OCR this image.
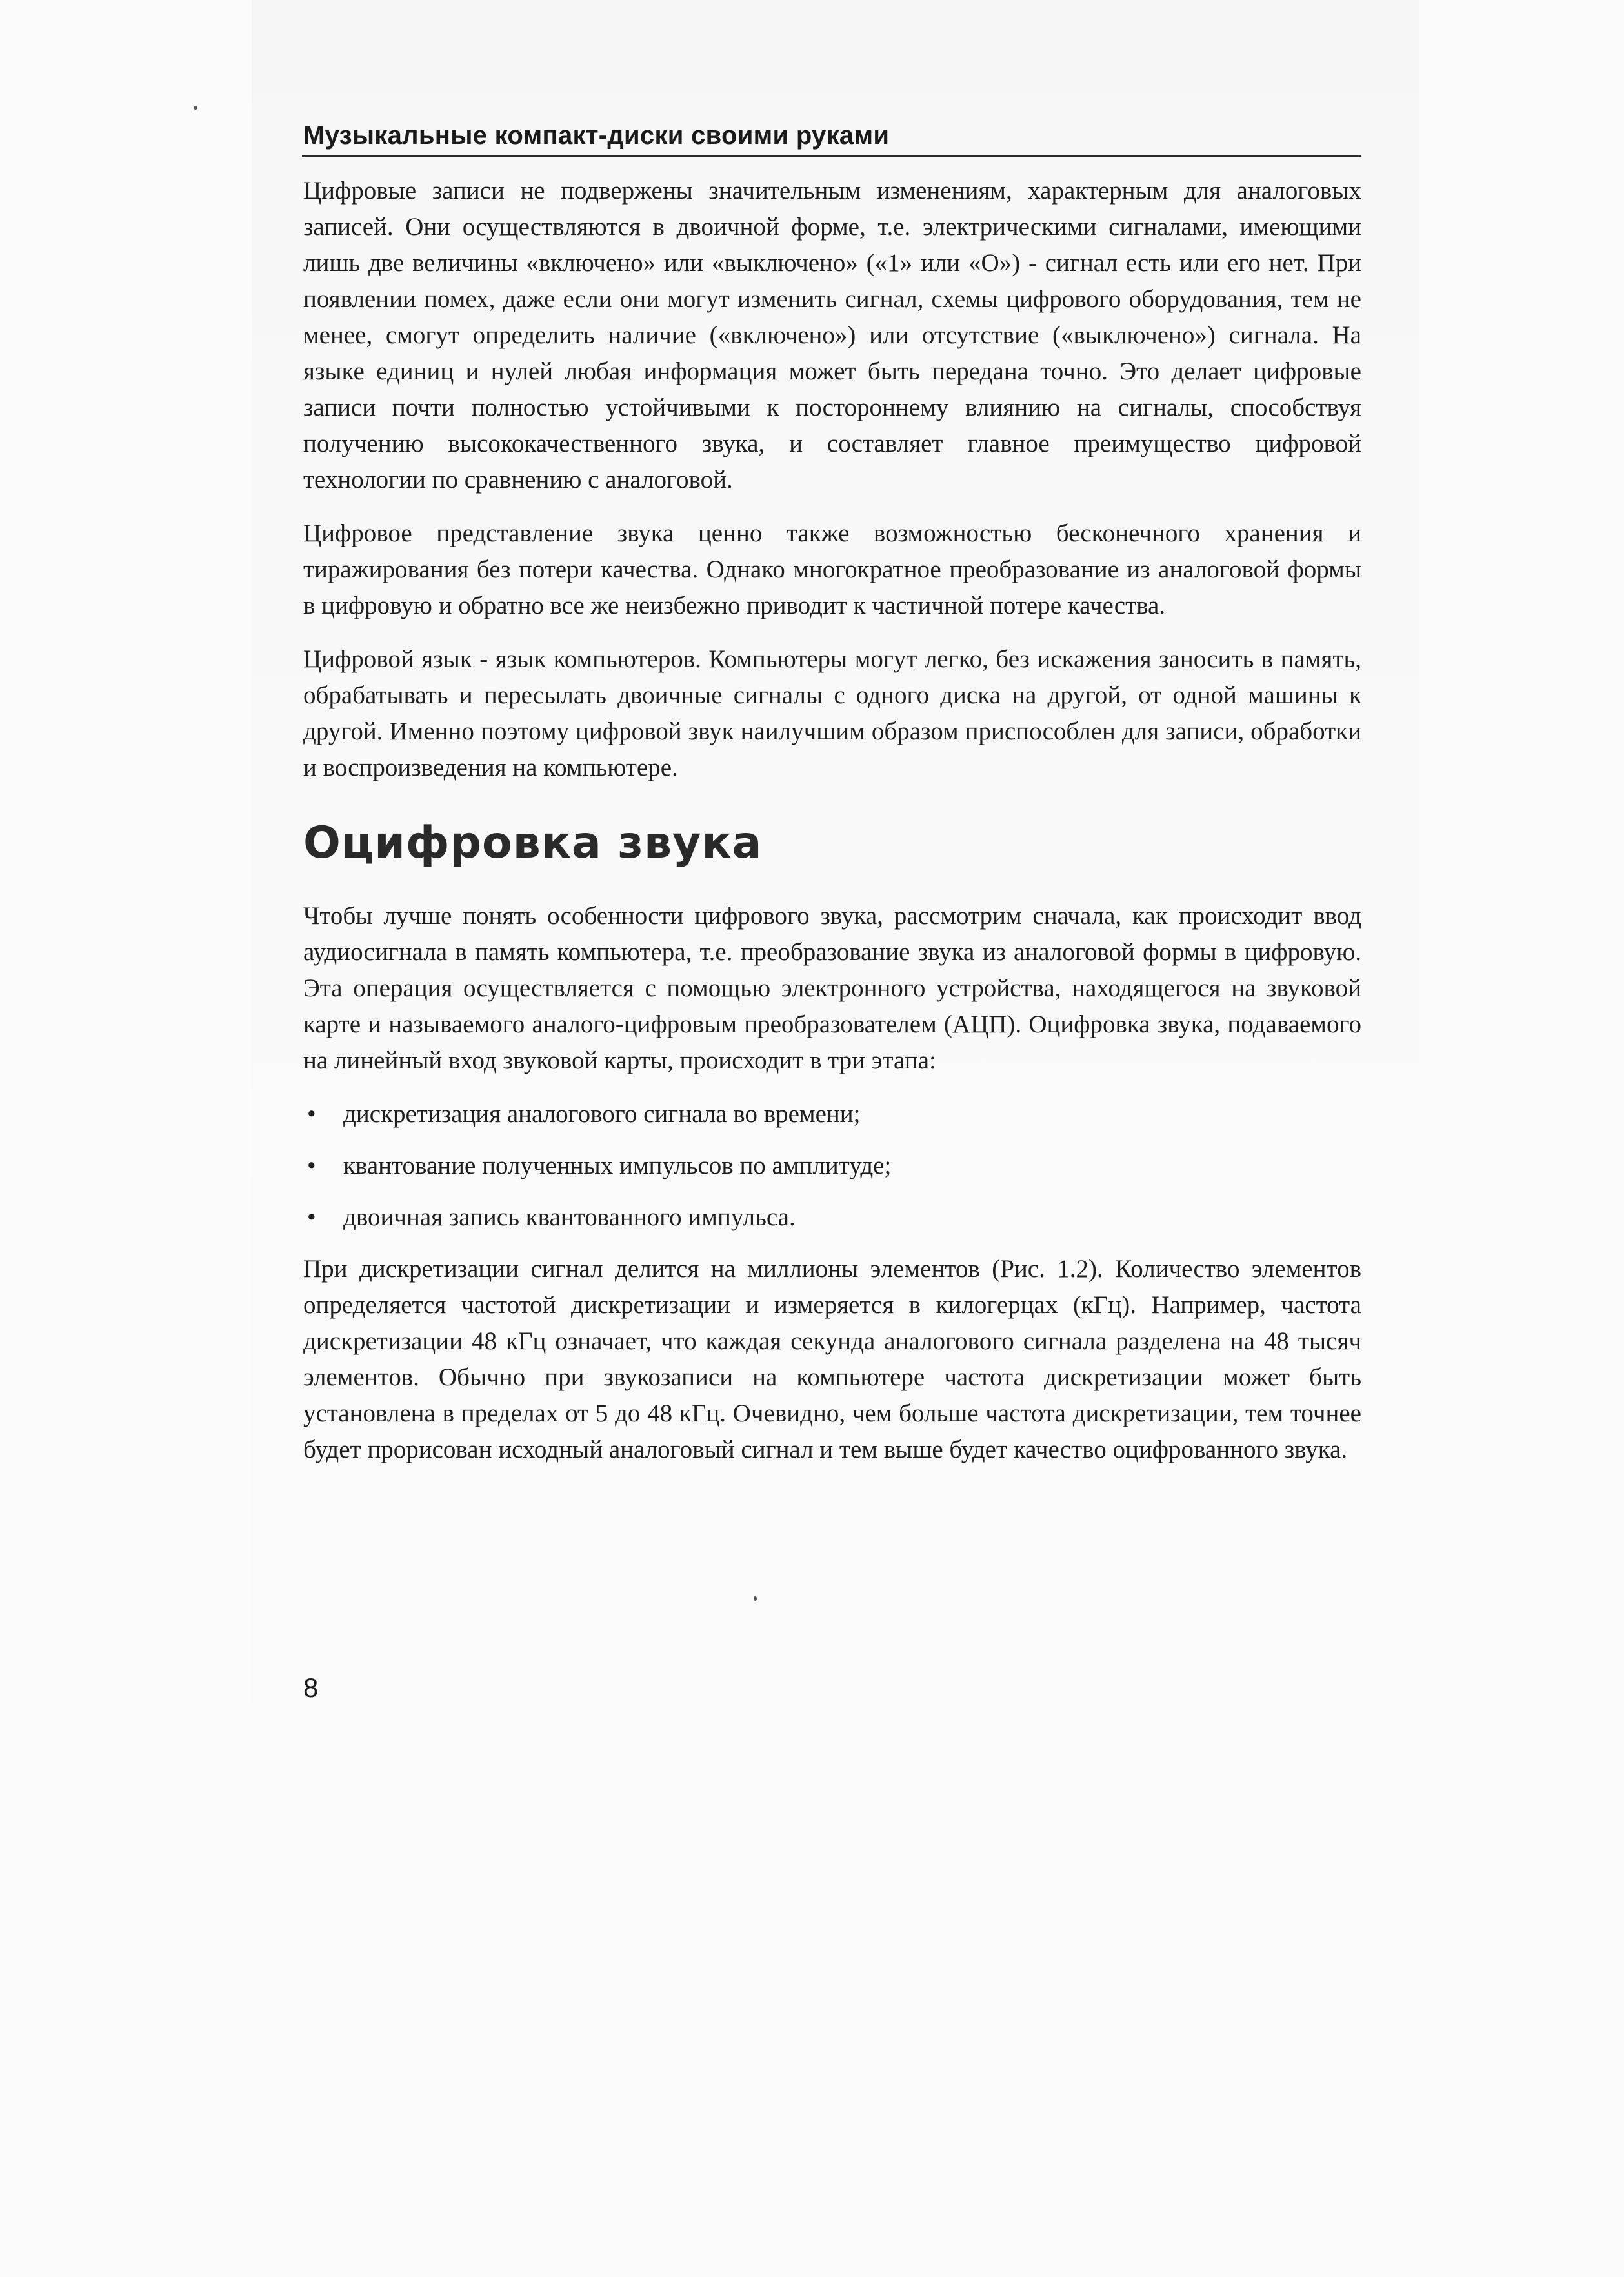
Музыкальные компакт-диски своими руками

Цифровые записи не подвержены значительным изменениям, характерным для аналоговых записей. Они осуществляются в двоичной форме, т.е. электрическими сигналами, имеющими лишь две величины «включено» или «выключено» («1» или «О») - сигнал есть или его нет. При появлении помех, даже если они могут изменить сигнал, схемы цифрового оборудования, тем не менее, смогут определить наличие («включено») или отсутствие («выключено») сигнала. На языке единиц и нулей любая информация может быть передана точно. Это делает цифровые записи почти полностью устойчивыми к постороннему влиянию на сигналы, способствуя получению высококачественного звука, и составляет главное преимущество цифровой технологии по сравнению с аналоговой.

Цифровое представление звука ценно также возможностью бесконечного хранения и тиражирования без потери качества. Однако многократное преобразование из аналоговой формы в цифровую и обратно все же неизбежно приводит к частичной потере качества.

Цифровой язык - язык компьютеров. Компьютеры могут легко, без искажения заносить в память, обрабатывать и пересылать двоичные сигналы с одного диска на другой, от одной машины к другой. Именно поэтому цифровой звук наилучшим образом приспособлен для записи, обработки и воспроизведения на компьютере.

Оцифровка звука

Чтобы лучше понять особенности цифрового звука, рассмотрим сначала, как происходит ввод аудиосигнала в память компьютера, т.е. преобразование звука из аналоговой формы в цифровую. Эта операция осуществляется с помощью электронного устройства, находящегося на звуковой карте и называемого аналого-цифровым преобразователем (АЦП). Оцифровка звука, подаваемого на линейный вход звуковой карты, происходит в три этапа:

• дискретизация аналогового сигнала во времени;
• квантование полученных импульсов по амплитуде;
• двоичная запись квантованного импульса.

При дискретизации сигнал делится на миллионы элементов (Рис. 1.2). Количество элементов определяется частотой дискретизации и измеряется в килогерцах (кГц). Например, частота дискретизации 48 кГц означает, что каждая секунда аналогового сигнала разделена на 48 тысяч элементов. Обычно при звукозаписи на компьютере частота дискретизации может быть установлена в пределах от 5 до 48 кГц. Очевидно, чем больше частота дискретизации, тем точнее будет прорисован исходный аналоговый сигнал и тем выше будет качество оцифрованного звука.

8
